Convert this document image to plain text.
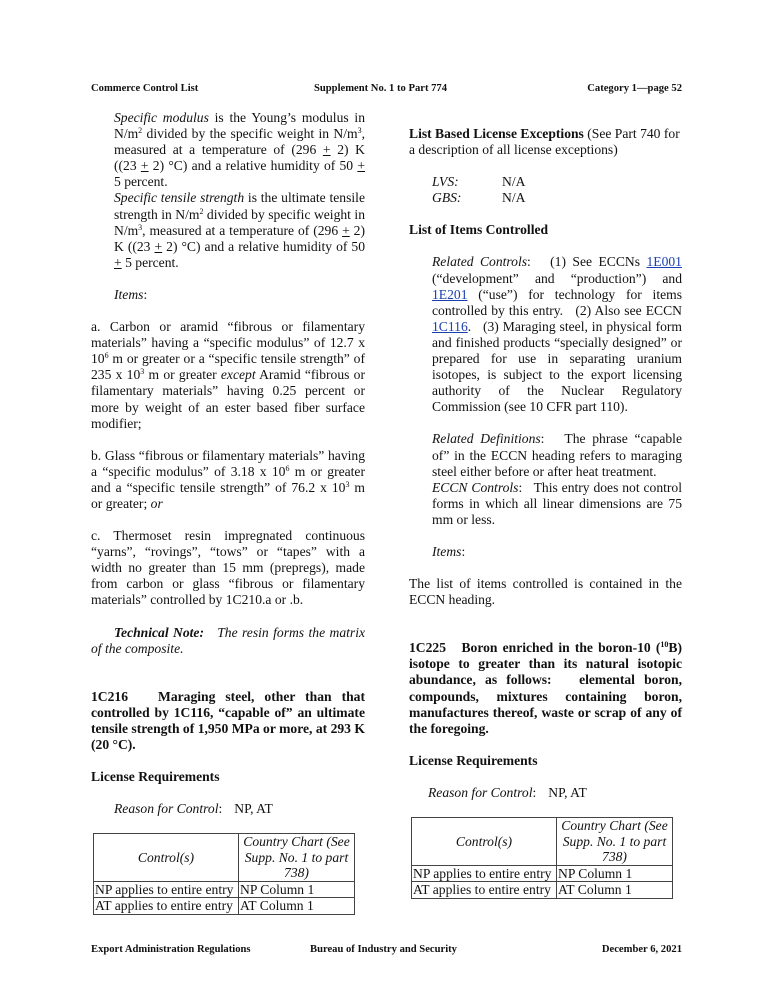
Commerce Control List	Supplement No. 1 to Part 774	Category 1—page 52

Specific modulus is the Young’s modulus in $N/m^2$ divided by the specific weight in $N/m^3$, measured at a temperature of (296 + 2) K ((23 + 2) °C) and a relative humidity of 50 + 5 percent.

Specific tensile strength is the ultimate tensile strength in $N/m^2$ divided by specific weight in $N/m^3$, measured at a temperature of (296 + 2) K ((23 + 2) °C) and a relative humidity of 50 + 5 percent.

Items:

a. Carbon or aramid “fibrous or filamentary materials” having a “specific modulus” of 12.7 x $10^6$ m or greater or a “specific tensile strength” of 235 x $10^3$ m or greater except Aramid “fibrous or filamentary materials” having 0.25 percent or more by weight of an ester based fiber surface modifier;

b. Glass “fibrous or filamentary materials” having a “specific modulus” of 3.18 x $10^6$ m or greater and a “specific tensile strength” of 76.2 x $10^3$ m or greater; or

c. Thermoset resin impregnated continuous “yarns”, “rovings”, “tows” or “tapes” with a width no greater than 15 mm (prepregs), made from carbon or glass “fibrous or filamentary materials” controlled by 1C210.a or .b.

Technical Note:   The resin forms the matrix of the composite.

1C216   Maraging steel, other than that controlled by 1C116, “capable of” an ultimate tensile strength of 1,950 MPa or more, at 293 K (20 °C).

License Requirements

Reason for Control: NP, AT

Control(s)	Country Chart (See Supp. No. 1 to part 738)
NP applies to entire entry	NP Column 1
AT applies to entire entry	AT Column 1

List Based License Exceptions (See Part 740 for a description of all license exceptions)

LVS:	N/A
GBS:	N/A

List of Items Controlled

Related Controls:   (1) See ECCNs 1E001 (“development” and “production”) and 1E201 (“use”) for technology for items controlled by this entry.   (2) Also see ECCN 1C116.   (3) Maraging steel, in physical form and finished products “specially designed” or prepared for use in separating uranium isotopes, is subject to the export licensing authority of the Nuclear Regulatory Commission (see 10 CFR part 110).

Related Definitions:   The phrase “capable of” in the ECCN heading refers to maraging steel either before or after heat treatment.

ECCN Controls:   This entry does not control forms in which all linear dimensions are 75 mm or less.

Items:

The list of items controlled is contained in the ECCN heading.

1C225   Boron enriched in the boron-10 ($^{10}$B) isotope to greater than its natural isotopic abundance, as follows:   elemental boron, compounds, mixtures containing boron, manufactures thereof, waste or scrap of any of the foregoing.

License Requirements

Reason for Control: NP, AT

Control(s)	Country Chart (See Supp. No. 1 to part 738)
NP applies to entire entry	NP Column 1
AT applies to entire entry	AT Column 1
Export Administration Regulations	Bureau of Industry and Security	December 6, 2021
